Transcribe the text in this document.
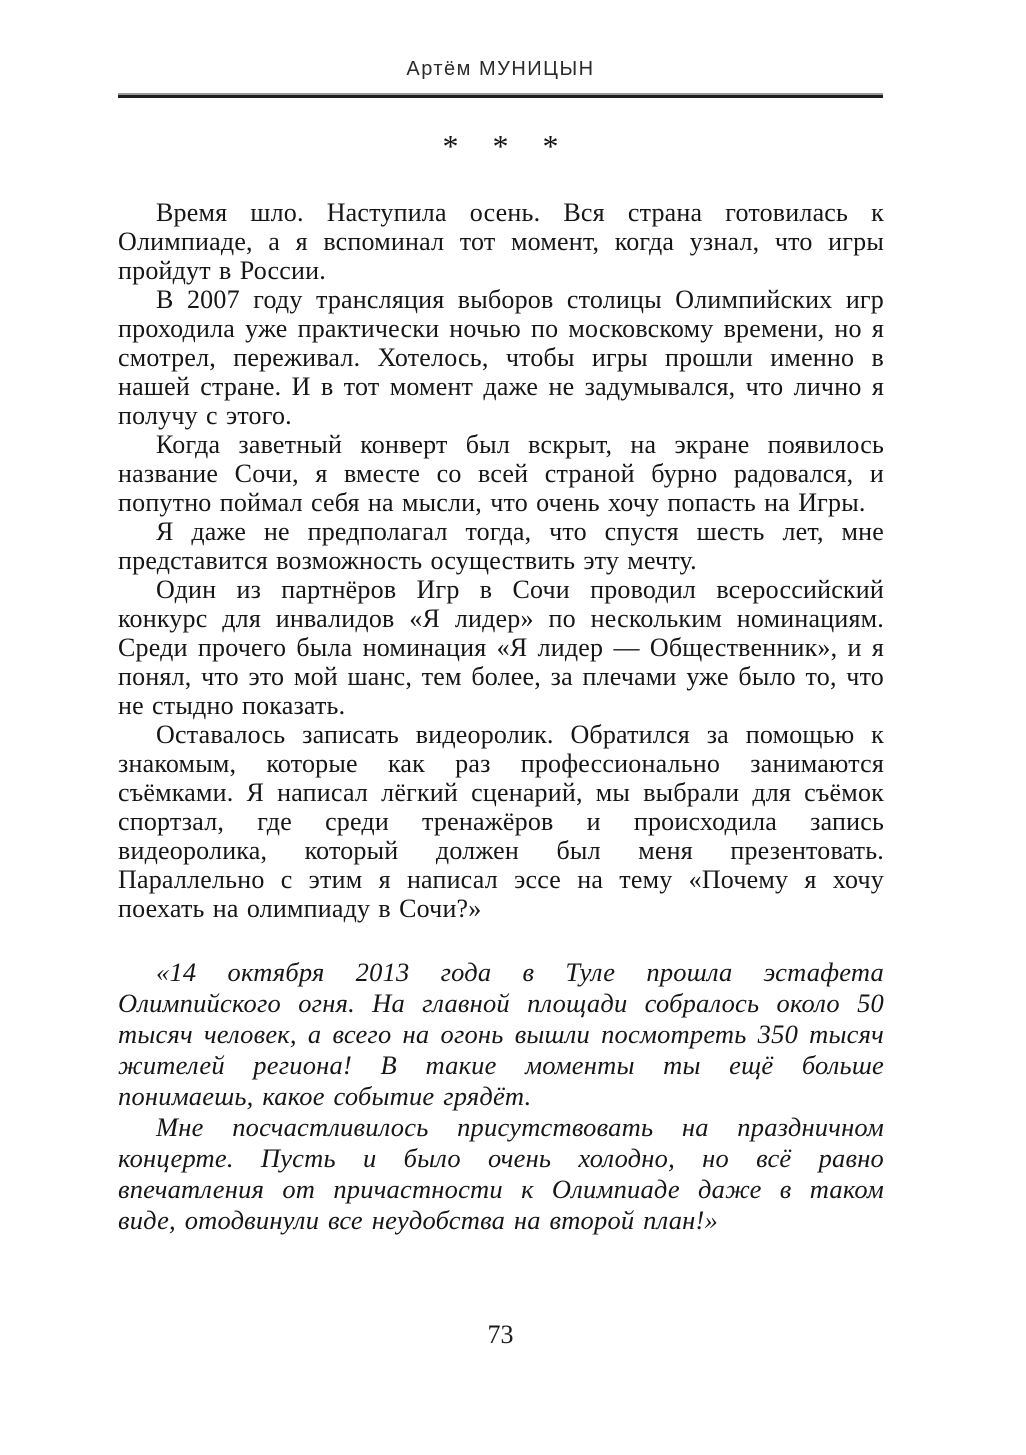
Артём МУНИЦЫН
* * *

Время шло. Наступила осень. Вся страна готовилась к Олимпиаде, а я вспоминал тот момент, когда узнал, что игры пройдут в России.

В 2007 году трансляция выборов столицы Олимпийских игр проходила уже практически ночью по московскому времени, но я смотрел, переживал. Хотелось, чтобы игры прошли именно в нашей стране. И в тот момент даже не задумывался, что лично я получу с этого.

Когда заветный конверт был вскрыт, на экране появилось название Сочи, я вместе со всей страной бурно радовался, и попутно поймал себя на мысли, что очень хочу попасть на Игры.

Я даже не предполагал тогда, что спустя шесть лет, мне представится возможность осуществить эту мечту.

Один из партнёров Игр в Сочи проводил всероссийский конкурс для инвалидов «Я лидер» по нескольким номинациям. Среди прочего была номинация «Я лидер — Общественник», и я понял, что это мой шанс, тем более, за плечами уже было то, что не стыдно показать.

Оставалось записать видеоролик. Обратился за помощью к знакомым, которые как раз профессионально занимаются съёмками. Я написал лёгкий сценарий, мы выбрали для съёмок спортзал, где среди тренажёров и происходила запись видеоролика, который должен был меня презентовать. Параллельно с этим я написал эссе на тему «Почему я хочу поехать на олимпиаду в Сочи?»

«14 октября 2013 года в Туле прошла эстафета Олимпийского огня. На главной площади собралось около 50 тысяч человек, а всего на огонь вышли посмотреть 350 тысяч жителей региона! В такие моменты ты ещё больше понимаешь, какое событие грядёт.

Мне посчастливилось присутствовать на праздничном концерте. Пусть и было очень холодно, но всё равно впечатления от причастности к Олимпиаде даже в таком виде, отодвинули все неудобства на второй план!»

73
